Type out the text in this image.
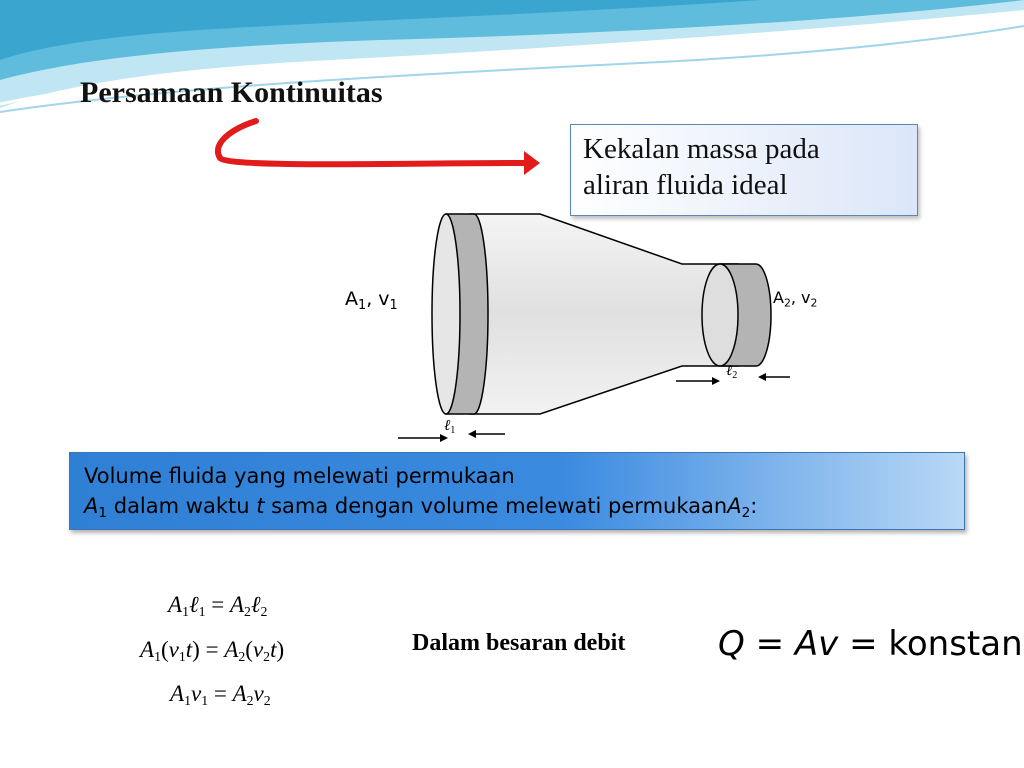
Persamaan Kontinuitas
Kekalan massa pada
aliran fluida ideal
$A_1$, $v_1$	$A_2$, $v_2$
ℓ$_1$
ℓ$_2$
Volume fluida yang melewati permukaan
$A_1$ dalam waktu t sama dengan volume melewati permukaanA$_2$:
$A_1\ell_1$ = $A_2\ell_2$
$A_1(v_1t) = A_2(v_2t)$
$A_1v_1 = A_2v_2$
Dalam besaran debit	Q = Av = konstan
